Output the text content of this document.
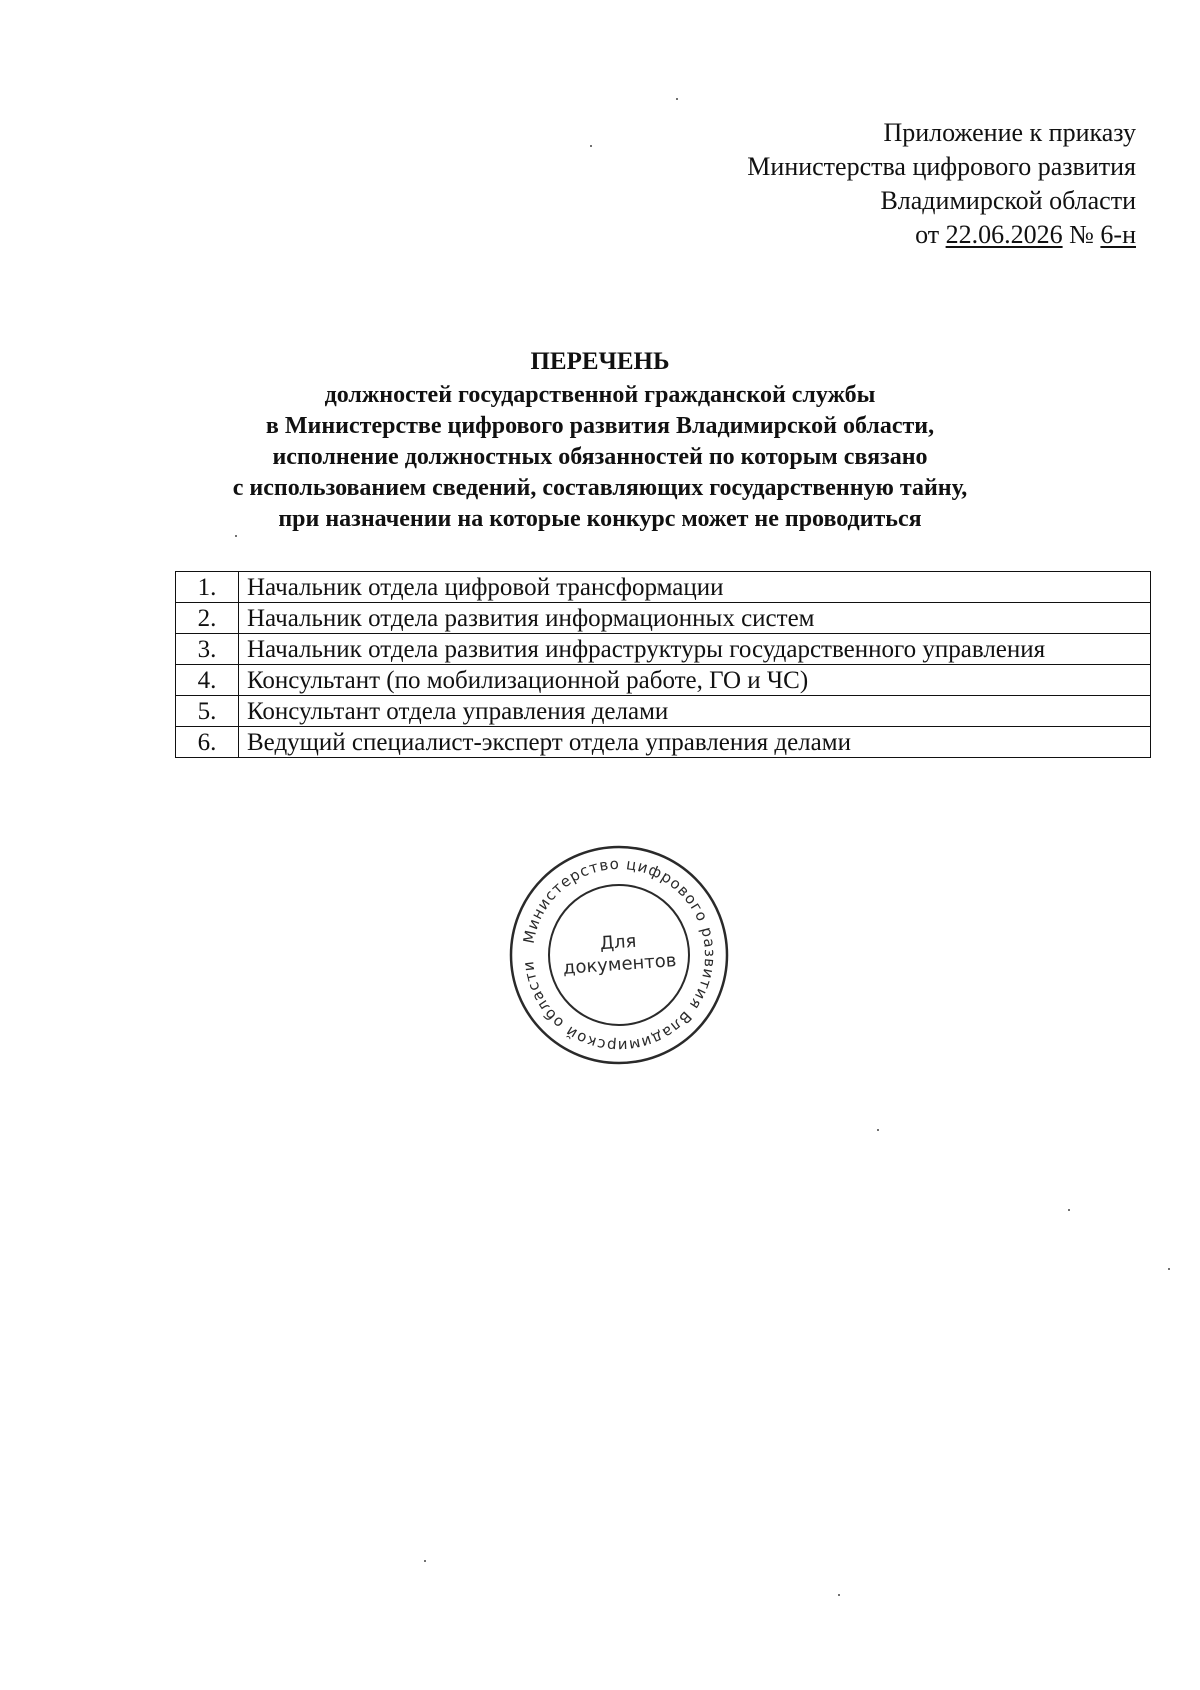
Приложение к приказу
Министерства цифрового развития
Владимирской области
от 22.06.2026 № 6-н
ПЕРЕЧЕНЬ
должностей государственной гражданской службы
в Министерстве цифрового развития Владимирской области,
исполнение должностных обязанностей по которым связано
с использованием сведений, составляющих государственную тайну,
при назначении на которые конкурс может не проводиться
1.	Начальник отдела цифровой трансформации
2.	Начальник отдела развития информационных систем
3.	Начальник отдела развития инфраструктуры государственного управления
4.	Консультант (по мобилизационной работе, ГО и ЧС)
5.	Консультант отдела управления делами
6.	Ведущий специалист-эксперт отдела управления делами
Министерство цифрового развития Владимирской области
Для
документов
